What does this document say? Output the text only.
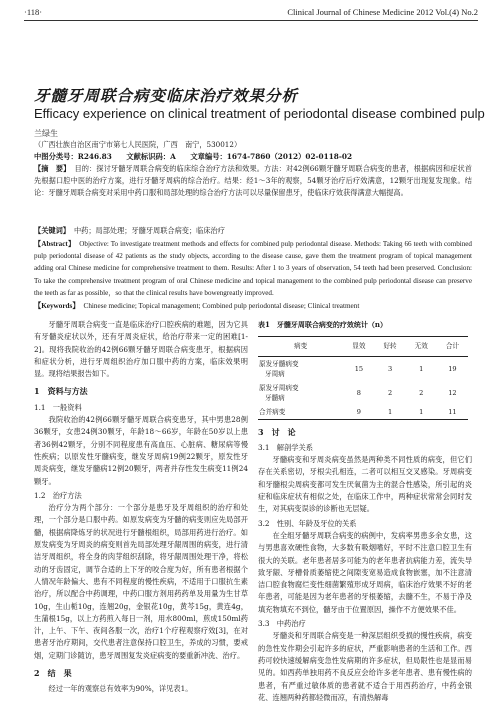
·118·	Clinical Journal of Chinese Medicine 2012 Vol.(4) No.2
牙髓牙周联合病变临床治疗效果分析
Efficacy experience on clinical treatment of periodontal disease combined pulp
兰绿生
（广西壮族自治区南宁市第七人民医院，广西　南宁，530012）
中图分类号：R246.83 文献标识码：A 文章编号：1674-7860（2012）02-0118-02
【摘　要】 目的：探讨牙髓牙周联合病变的临床综合治疗方法和效果。方法：对42例66颗牙髓牙周联合病变的患者，根据病因和症状首先根据口腔中医的治疗方案，进行牙髓牙周病的综合治疗。结果：经1～3年的观察，54颗牙治疗后疗效满意，12颗牙出现复发现象。结论：牙髓牙周联合病变对采用中药口服和局部处理的综合治疗方法可以尽量保留患牙，使临床疗效获得满意大幅提高。
【关键词】 中药；局部处理；牙髓牙周联合病变；临床治疗
【Abstract】 Objective: To investigate treatment methods and effects for combined pulp periodontal disease. Methods: Taking 66 teeth with combined pulp periodontal disease of 42 patients as the study objects, according to the disease cause, gave them the treatment program of topical management adding oral Chinese medicine for comprehensive treatment to them. Results: After 1 to 3 years of observation, 54 teeth had been preserved. Conclusion: To take the comprehensive treatment program of oral Chinese medicine and topical management to the combined pulp periodontal disease can preserve the teeth as far as possible，so that the clinical results have bowengreatly improved.
【Keywords】 Chinese medicine; Topical management; Combined pulp periodontal disease; Clinical treatment

牙髓牙周联合病变一直是临床治疗口腔疾病的难题，因为它具有牙髓炎症状以外，还有牙周炎症状，给治疗带来一定的困难[1-2]。现将我院收治的42例66颗牙髓牙周联合病变患牙，根据病因和症状分析，进行牙周组织治疗加口服中药的方案，临床效果明显。现将结果报告如下。

1　资料与方法
1.1　一般资料

我院收治的42例66颗牙髓牙周联合病变患牙，其中男患28例36颗牙，女患24例30颗牙，年龄18～66岁，年龄在50岁以上患者36例42颗牙，分别不同程度患有高血压、心脏病、糖尿病等慢性疾病；以原发性牙髓病变，继发牙周病19例22颗牙，原发性牙周炎病变，继发牙髓病12例20颗牙，两者并存性发生病变11例24颗牙。

1.2　治疗方法

治疗分为两个部分：一个部分是患牙及牙周组织的治疗和处理，一个部分是口服中药。如原发病变为牙髓的病变则应先局部开髓，根据病降炼牙的状况进行牙髓根组织，局部用药进行治疗。如原发病变为牙周炎的病变则首先局部处理牙龈周围的病变，进行清洁牙周组织，将全身的肉芽组织刮除，将牙龈周围处理干净，将松动的牙齿固定，调节合适的上下牙的咬合度为好，所有患者根据个人情况年龄偏大、患有不同程度的慢性疾病，不适用于口服抗生素治疗，所以配合中药调理，中药口服方剂用药药单及用量为生甘草10g，生山栀10g，连翘20g，金银花10g，黄芩15g，黄连4g，生蒲根15g，以上方药煎入每日一剂，用水800ml，煎成150ml药汁，上午、下午、夜间各服一次，治疗1个疗程观察疗效[3]，在对患者牙治疗期间，交代患者注意保持口腔卫生，养成的习惯，要戒烟，定期门诊随访，患牙周围复发炎症病变的要重新冲洗、治疗。

2　结　果

经过一年的观察总有效率为90%，详见表1。

表1　牙髓牙周联合病变的疗效统计（n）
病变	显效	好转	无效	合计

原发牙髓病变
牙周病	15	3	1	19

原发牙周病变
牙髓病	8	2	2	12

合并病变	9	1	1	11
3　讨　论
3.1　解剖学关系

牙髓病变和牙周炎病变虽然是两种类不同性质的病变，但它们存在关系密切，牙根尖孔相连，二者可以相互交叉感染。牙周病变和牙髓根尖周病变都可发生厌氧菌为主的混合性感染，所引起的炎症和临床症状有相似之处，在临床工作中，两种症状常常会同时发生，对其病变误诊的诊断也无层疑。

3.2　性别、年龄及牙位的关系

在全组牙髓牙周联合病变的病例中，发病率男患多余女患，这与男患喜欢硬性食物，大多数有吸烟嗜好，平时不注意口腔卫生有很大的关联。老年患者居多可能为的老年患者抗病能力差，流失导致牙龈、牙槽骨质萎缩使之间隙变宽易造成食物嵌塞，加不注意清洁口腔食物腐烂变性细菌繁殖形成牙周病，临床治疗效果不好的老年患者，可能是因为老年患者的牙根萎缩，去髓不生，不易于净及填充物填充不到位，髓牙由于位置原因，操作不方便效果不佳。

3.3　中药治疗

牙髓炎和牙周联合病变是一种深层组织受损的慢性疾病，病变的急性发作期会引起许多的症状，严重影响患者的生活和工作。西药可较快速缓解病变急性发病期的许多症状，但局限性也是显而易见的。如西药单独用药不良反应会给许多老年患者、患有慢性病的患者，有严重过敏体质的患者就不适合于用西药治疗，中药金银花、连翘两种药都轻微而凉，有清热解毒
